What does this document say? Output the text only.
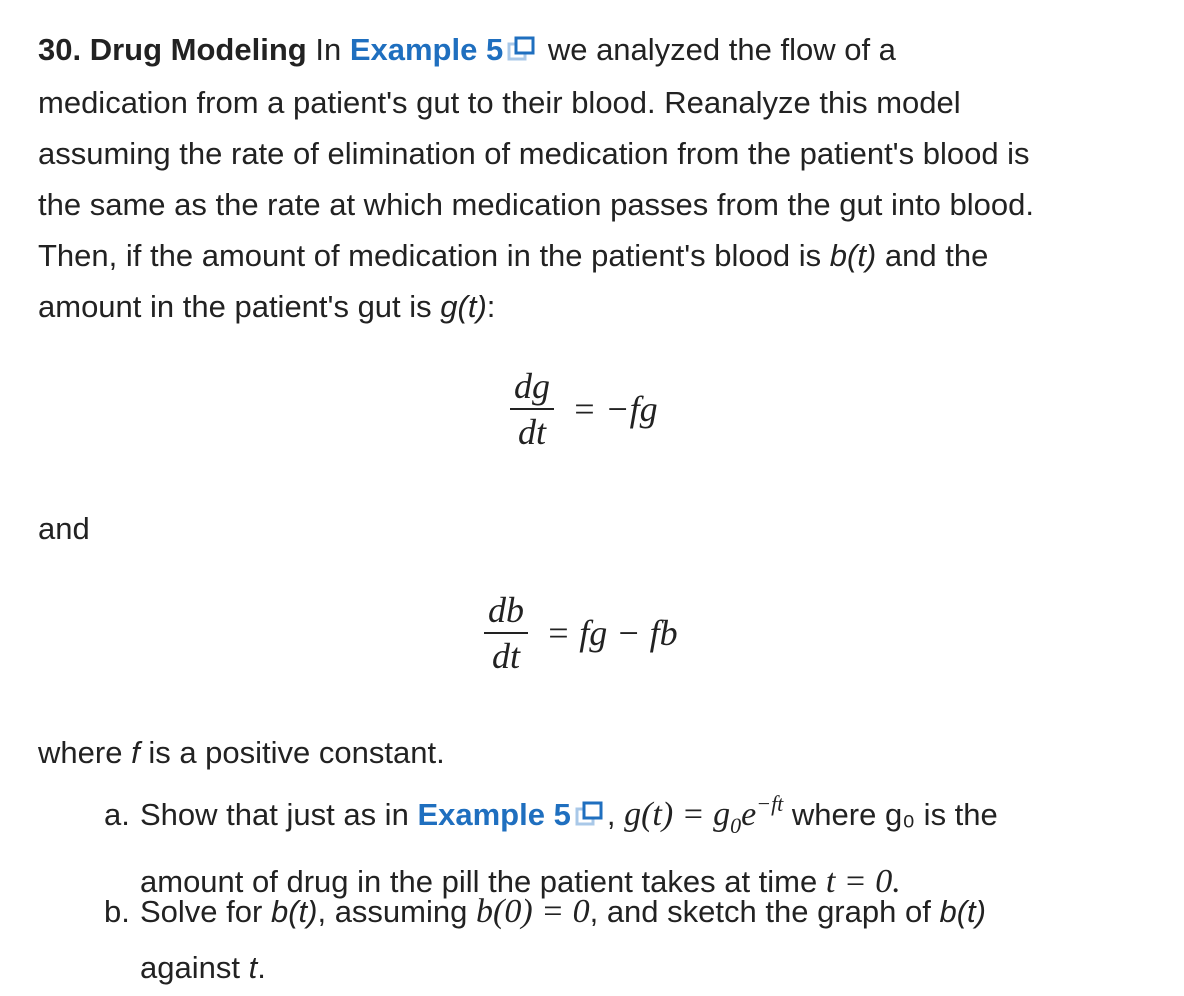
30. Drug Modeling In Example 5 we analyzed the flow of a
medication from a patient's gut to their blood. Reanalyze this model
assuming the rate of elimination of medication from the patient's blood is
the same as the rate at which medication passes from the gut into blood.
Then, if the amount of medication in the patient's blood is b(t) and the
amount in the patient's gut is g(t):
$\frac{dg}{dt} = -fg$
and
$\frac{db}{dt}$ = fg − fb
where f is a positive constant.
a. Show that just as in Example 5 , $g(t) = g_0e^{-ft}$ where g₀ is the
amount of drug in the pill the patient takes at time t = 0.
b. Solve for b(t), assuming b(0) = 0, and sketch the graph of b(t)
against t.
